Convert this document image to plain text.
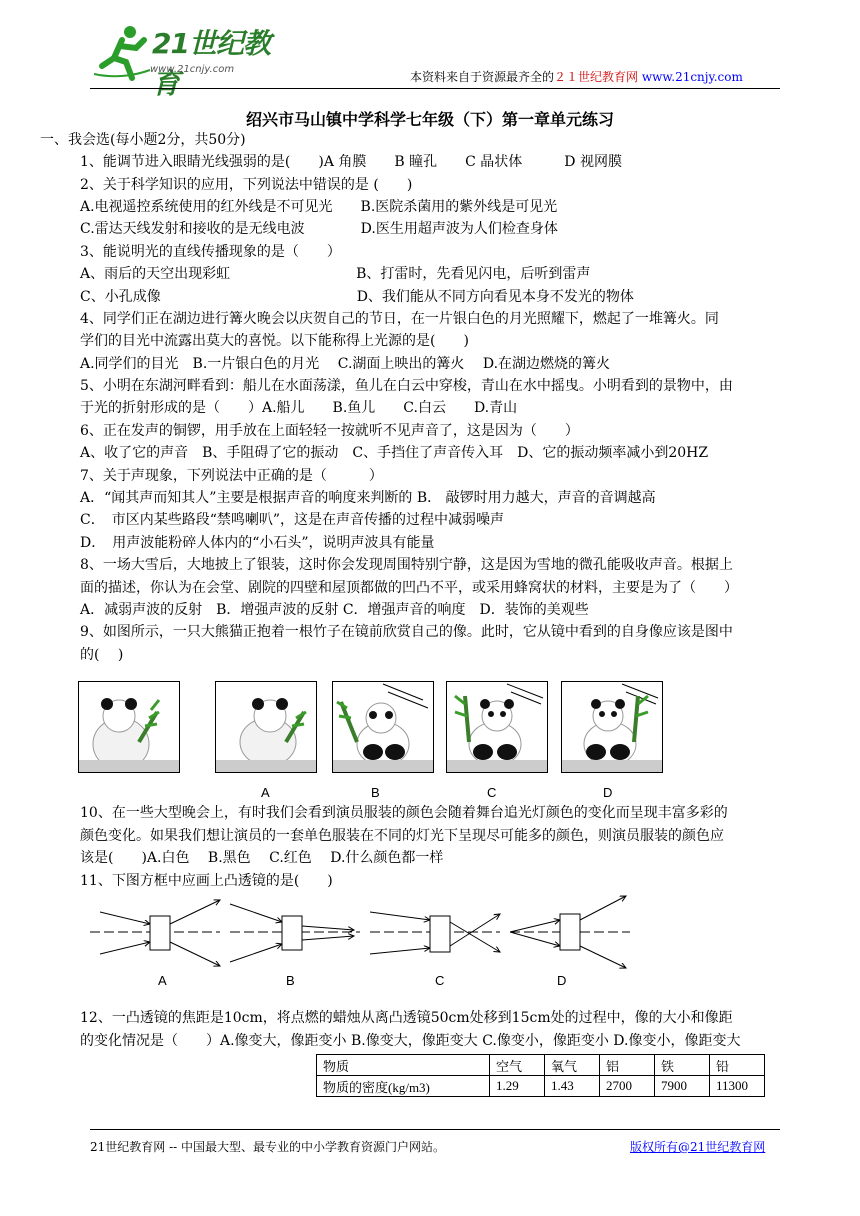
21世纪教育
www.21cnjy.com
本资料来自于资源最齐全的２１世纪教育网 www.21cnjy.com
绍兴市马山镇中学科学七年级（下）第一章单元练习
一、我会选(每小题2分，共50分)
1、能调节进入眼睛光线强弱的是(　　)A 角膜　　B 瞳孔　　C 晶状体　　　D 视网膜
2、关于科学知识的应用，下列说法中错误的是 (　　)
A.电视遥控系统使用的红外线是不可见光　　B.医院杀菌用的紫外线是可见光
C.雷达天线发射和接收的是无线电波　　　　D.医生用超声波为人们检查身体
3、能说明光的直线传播现象的是（　　）
A、雨后的天空出现彩虹　　　　　　　　　B、打雷时，先看见闪电，后听到雷声
C、小孔成像　　　　　　　　　　　　　　D、我们能从不同方向看见本身不发光的物体
4、同学们正在湖边进行篝火晚会以庆贺自己的节日，在一片银白色的月光照耀下，燃起了一堆篝火。同
学们的目光中流露出莫大的喜悦。以下能称得上光源的是(　　)
A.同学们的目光　B.一片银白色的月光　 C.湖面上映出的篝火　 D.在湖边燃烧的篝火
5、小明在东湖河畔看到：船儿在水面荡漾，鱼儿在白云中穿梭，青山在水中摇曳。小明看到的景物中，由
于光的折射形成的是（　　）A.船儿　　B.鱼儿　　C.白云　　D.青山
6、正在发声的铜锣，用手放在上面轻轻一按就听不见声音了，这是因为（　　）
A、收了它的声音　B、手阻碍了它的振动　C、手挡住了声音传入耳　D、它的振动频率减小到20HZ
7、关于声现象，下列说法中正确的是（　　　）
A．“闻其声而知其人”主要是根据声音的响度来判断的 B． 敲锣时用力越大，声音的音调越高
C．　市区内某些路段“禁鸣喇叭”，这是在声音传播的过程中减弱噪声
D．　用声波能粉碎人体内的“小石头”，说明声波具有能量
8、一场大雪后，大地披上了银装，这时你会发现周围特别宁静，这是因为雪地的微孔能吸收声音。根据上
面的描述，你认为在会堂、剧院的四壁和屋顶都做的凹凸不平，或采用蜂窝状的材料，主要是为了（　　）
A．减弱声波的反射　B．增强声波的反射 C．增强声音的响度　D．装饰的美观些
9、如图所示，一只大熊猫正抱着一根竹子在镜前欣赏自己的像。此时，它从镜中看到的自身像应该是图中
的(　 )
A	B	C	D
10、在一些大型晚会上，有时我们会看到演员服装的颜色会随着舞台追光灯颜色的变化而呈现丰富多彩的
颜色变化。如果我们想让演员的一套单色服装在不同的灯光下呈现尽可能多的颜色，则演员服装的颜色应
该是(　　)A.白色　 B.黑色　 C.红色　 D.什么颜色都一样
11、下图方框中应画上凸透镜的是(　　)
A	B	C	D
12、一凸透镜的焦距是10cm，将点燃的蜡烛从离凸透镜50cm处移到15cm处的过程中，像的大小和像距
的变化情况是（　　）A.像变大，像距变小 B.像变大，像距变大 C.像变小，像距变小 D.像变小，像距变大
物质	空气	氧气	铝	铁	铅
物质的密度(kg/m3)	1.29	1.43	2700	7900	11300
21世纪教育网 -- 中国最大型、最专业的中小学教育资源门户网站。	版权所有@21世纪教育网
